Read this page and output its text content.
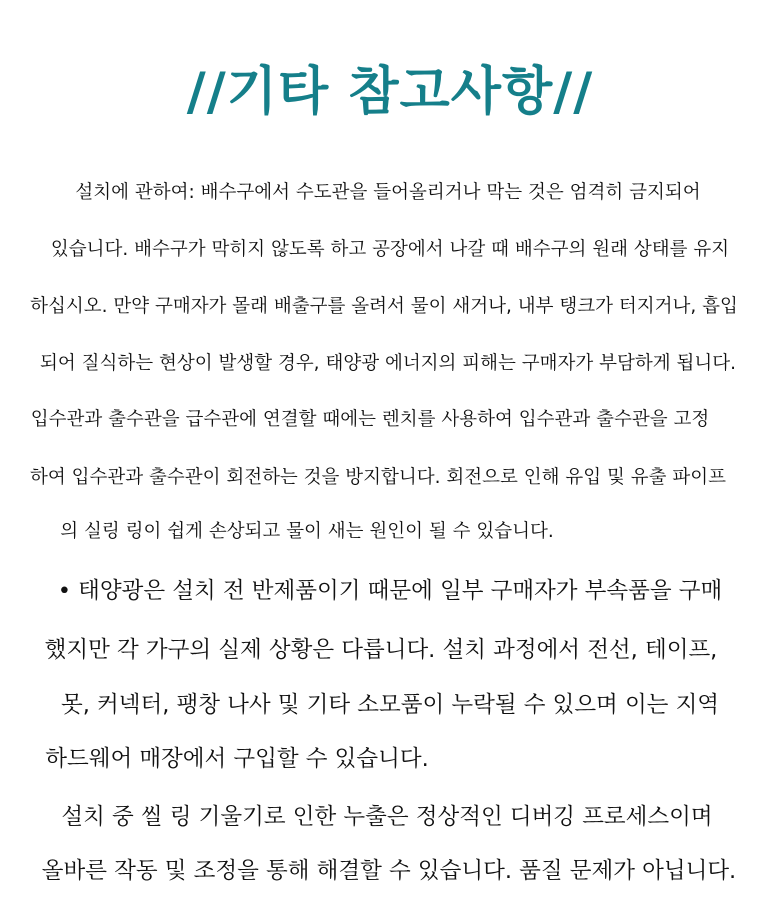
//기타 참고사항//
설치에 관하여: 배수구에서 수도관을 들어올리거나 막는 것은 엄격히 금지되어
있습니다. 배수구가 막히지 않도록 하고 공장에서 나갈 때 배수구의 원래 상태를 유지
하십시오. 만약 구매자가 몰래 배출구를 올려서 물이 새거나, 내부 탱크가 터지거나, 흡입
되어 질식하는 현상이 발생할 경우, 태양광 에너지의 피해는 구매자가 부담하게 됩니다.
입수관과 출수관을 급수관에 연결할 때에는 렌치를 사용하여 입수관과 출수관을 고정
하여 입수관과 출수관이 회전하는 것을 방지합니다. 회전으로 인해 유입 및 유출 파이프
의 실링 링이 쉽게 손상되고 물이 새는 원인이 될 수 있습니다.
• 태양광은 설치 전 반제품이기 때문에 일부 구매자가 부속품을 구매
했지만 각 가구의 실제 상황은 다릅니다. 설치 과정에서 전선, 테이프,
못, 커넥터, 팽창 나사 및 기타 소모품이 누락될 수 있으며 이는 지역
하드웨어 매장에서 구입할 수 있습니다.
설치 중 씰 링 기울기로 인한 누출은 정상적인 디버깅 프로세스이며
올바른 작동 및 조정을 통해 해결할 수 있습니다. 품질 문제가 아닙니다.
